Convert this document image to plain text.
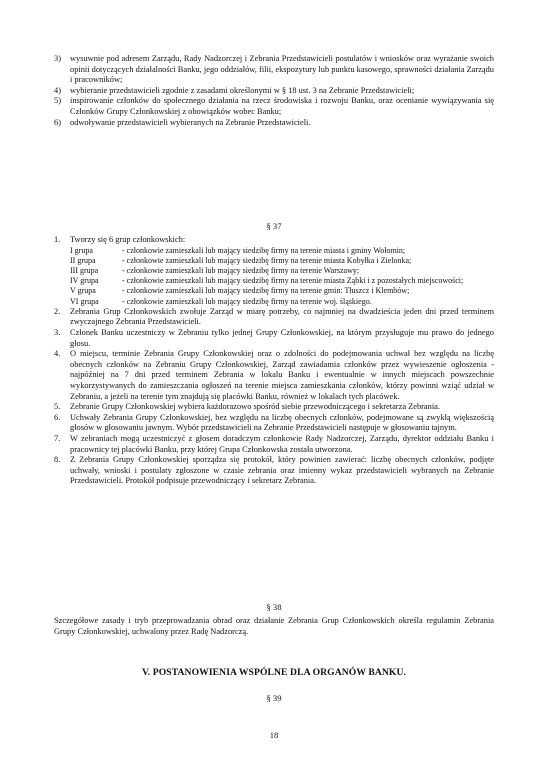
3) wysuwnie pod adresem Zarządu, Rady Nadzorczej i Zebrania Przedstawicieli postulatów i wniosków oraz wyrażanie swoich opinii dotyczących działalności Banku, jego oddziałów, filii, ekspozytury lub punktu kasowego, sprawności działania Zarządu i pracowników;
4) wybieranie przedstawicieli zgodnie z zasadami określonymi w § 18 ust. 3 na Zebranie Przedstawicieli;
5) inspirowanie członków do społecznego działania na rzecz środowiska i rozwoju Banku, oraz ocenianie wywiązywania się Członków Grupy Członkowskiej z obowiązków wobec Banku;
6) odwoływanie przedstawicieli wybieranych na Zebranie Przedstawicieli.
§ 37
1. Tworzy się 6 grup członkowskich:
I grupa	- członkowie zamieszkali lub mający siedzibę firmy na terenie miasta i gminy Wołomin;
II grupa	- członkowie zamieszkali lub mający siedzibę firmy na terenie miasta Kobyłka i Zielonka;
III grupa	- członkowie zamieszkali lub mający siedzibę firmy na terenie Warszawy;
IV grupa	- członkowie zamieszkali lub mający siedzibę firmy na terenie miasta Ząbki i z pozostałych miejscowości;
V grupa	- członkowie zamieszkali lub mający siedzibę firmy na terenie gmin: Tłuszcz i Klembów;
VI grupa	- członkowie zamieszkali lub mający siedzibę firmy na terenie woj. śląskiego.
2. Zebrania Grup Członkowskich zwołuje Zarząd w miarę potrzeby, co najmniej na dwadzieścia jeden dni przed terminem zwyczajnego Zebrania Przedstawicieli.
3. Członek Banku uczestniczy w Zebraniu tylko jednej Grupy Członkowskiej, na którym przysługuje mu prawo do jednego głosu.
4. O miejscu, terminie Zebrania Grupy Członkowskiej oraz o zdolności do podejmowania uchwał bez względu na liczbę obecnych członków na Zebraniu Grupy Członkowskiej, Zarząd zawiadamia członków przez wywieszenie ogłoszenia - najpóźniej na 7 dni przed terminem Zebrania w lokalu Banku i ewentualnie w innych miejscach powszechnie wykorzystywanych do zamieszczania ogłoszeń na terenie miejsca zamieszkania członków, którzy powinni wziąć udział w Zebraniu, a jeżeli na terenie tym znajdują się placówki Banku, również w lokalach tych placówek.
5. Zebranie Grupy Członkowskiej wybiera każdorazowo spośród siebie przewodniczącego i sekretarza Zebrania.
6. Uchwały Zebrania Grupy Członkowskiej, bez względu na liczbę obecnych członków, podejmowane są zwykłą większością głosów w głosowaniu jawnym. Wybór przedstawicieli na Zebranie Przedstawicieli następuje w głosowaniu tajnym.
7. W zebraniach mogą uczestniczyć z głosem doradczym członkowie Rady Nadzorczej, Zarządu, dyrektor oddziału Banku i pracownicy tej placówki Banku, przy której Grupa Członkowska została utworzona.
8. Z Zebrania Grupy Członkowskiej sporządza się protokół, który powinien zawierać: liczbę obecnych członków, podjęte uchwały, wnioski i postulaty zgłoszone w czasie zebrania oraz imienny wykaz przedstawicieli wybranych na Zebranie Przedstawicieli. Protokół podpisuje przewodniczący i sekretarz Zebrania.
§ 38
Szczegółowe zasady i tryb przeprowadzania obrad oraz działanie Zebrania Grup Członkowskich określa regulamin Zebrania Grupy Członkowskiej, uchwalony przez Radę Nadzorczą.
V. POSTANOWIENIA WSPÓLNE DLA ORGANÓW BANKU.
§ 39
18
